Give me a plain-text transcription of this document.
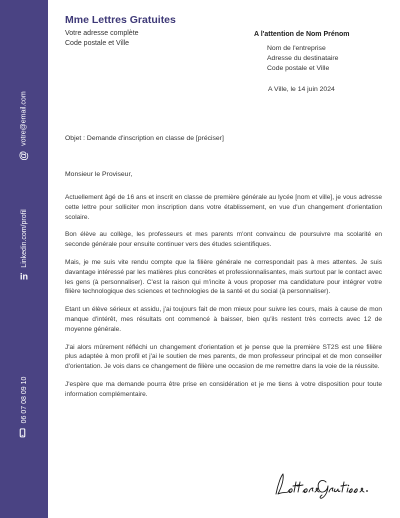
@
votre@email.com
in
Linkedin.com/profil
06 07 08 09 10
Mme Lettres Gratuites
Votre adresse complète
Code postale et Ville
A l'attention de Nom Prénom
Nom de l'entreprise
Adresse du destinataire
Code postale et Ville
A Ville, le 14 juin 2024
Objet : Demande d'inscription en classe de [préciser]
Monsieur le Proviseur,

Actuellement âgé de 16 ans et inscrit en classe de première générale au lycée [nom et ville], je vous adresse cette lettre pour solliciter mon inscription dans votre établissement, en vue d'un changement d'orientation scolaire.

Bon élève au collège, les professeurs et mes parents m'ont convaincu de poursuivre ma scolarité en seconde générale pour ensuite continuer vers des études scientifiques.

Mais, je me suis vite rendu compte que la filière générale ne correspondait pas à mes attentes. Je suis davantage intéressé par les matières plus concrètes et professionnalisantes, mais surtout par le contact avec les gens (à personnaliser). C'est la raison qui m'incite à vous proposer ma candidature pour intégrer votre filière technologique des sciences et technologies de la santé et du social (à personnaliser).

Etant un élève sérieux et assidu, j'ai toujours fait de mon mieux pour suivre les cours, mais à cause de mon manque d'intérêt, mes résultats ont commencé à baisser, bien qu'ils restent très corrects avec 12 de moyenne générale.

J'ai alors mûrement réfléchi un changement d'orientation et je pense que la première ST2S est une filière plus adaptée à mon profil et j'ai le soutien de mes parents, de mon professeur principal et de mon conseiller d'orientation. Je vois dans ce changement de filière une occasion de me remettre dans la voie de la réussite.

J'espère que ma demande pourra être prise en considération et je me tiens à votre disposition pour toute information complémentaire.
